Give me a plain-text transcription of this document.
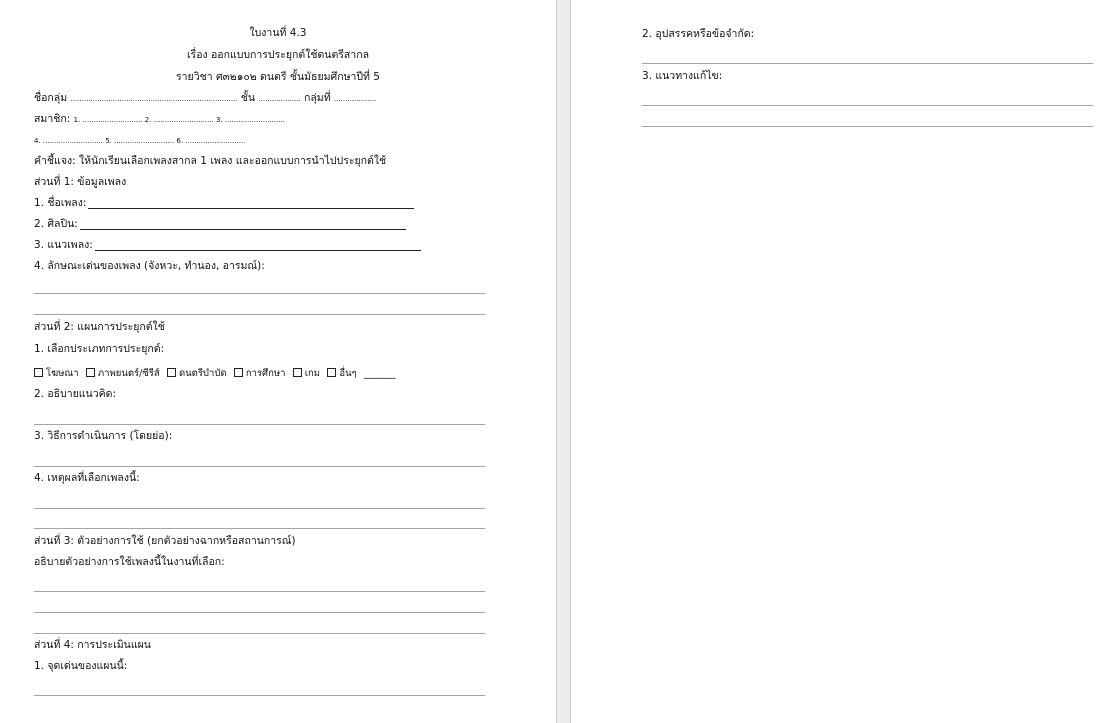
ใบงานที่ 4.3
เรื่อง ออกแบบการประยุกต์ใช้ดนตรีสากล
รายวิชา ศ๓๒๑๐๒ ดนตรี ชั้นมัธยมศึกษาปีที่ 5
ชื่อกลุ่ม ........................................................................... ชั้น ................... กลุ่มที่ ...................
สมาชิก: 1. ........................... 2. ........................... 3. ...........................
4. ........................... 5. ........................... 6. ...........................
คำชี้แจง: ให้นักเรียนเลือกเพลงสากล 1 เพลง และออกแบบการนำไปประยุกต์ใช้
ส่วนที่ 1: ข้อมูลเพลง
1. ชื่อเพลง:
2. ศิลปิน:
3. แนวเพลง:
4. ลักษณะเด่นของเพลง (จังหวะ, ทำนอง, อารมณ์):
ส่วนที่ 2: แผนการประยุกต์ใช้
1. เลือกประเภทการประยุกต์:
โฆษณา ภาพยนตร์/ซีรีส์ ดนตรีบำบัด การศึกษา เกม อื่นๆ ______
2. อธิบายแนวคิด:
3. วิธีการดำเนินการ (โดยย่อ):
4. เหตุผลที่เลือกเพลงนี้:
ส่วนที่ 3: ตัวอย่างการใช้ (ยกตัวอย่างฉากหรือสถานการณ์)
อธิบายตัวอย่างการใช้เพลงนี้ในงานที่เลือก:
ส่วนที่ 4: การประเมินแผน
1. จุดเด่นของแผนนี้:
2. อุปสรรคหรือข้อจำกัด:
3. แนวทางแก้ไข:
